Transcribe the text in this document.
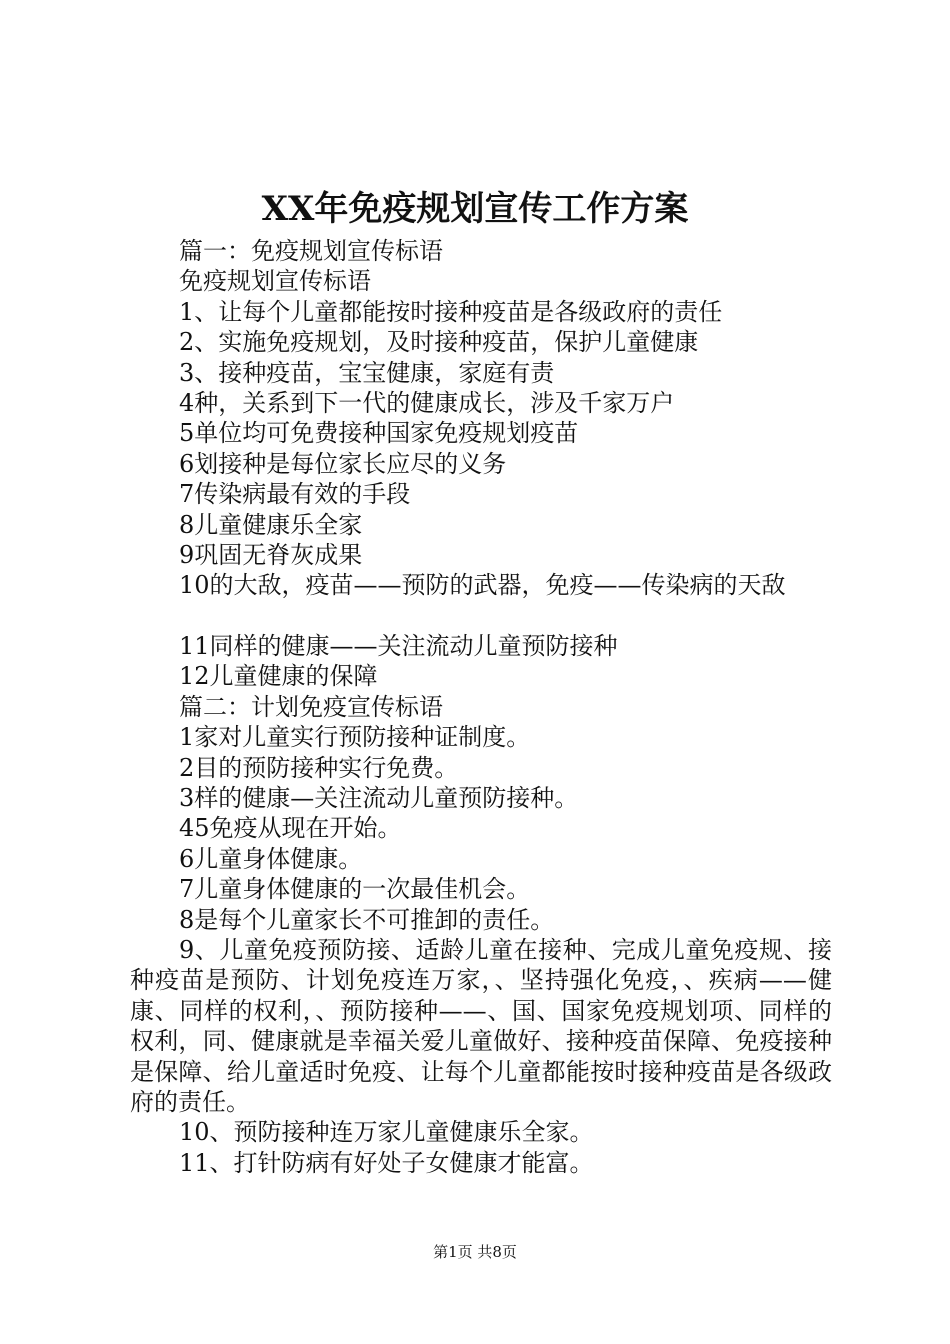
XX年免疫规划宣传工作方案
篇一：免疫规划宣传标语
免疫规划宣传标语
1、让每个儿童都能按时接种疫苗是各级政府的责任
2、实施免疫规划，及时接种疫苗，保护儿童健康
3、接种疫苗，宝宝健康，家庭有责
4种，关系到下一代的健康成长，涉及千家万户
5单位均可免费接种国家免疫规划疫苗
6划接种是每位家长应尽的义务
7传染病最有效的手段
8儿童健康乐全家
9巩固无脊灰成果
10的大敌，疫苗——预防的武器，免疫——传染病的天敌
11同样的健康——关注流动儿童预防接种
12儿童健康的保障
篇二：计划免疫宣传标语
1家对儿童实行预防接种证制度。
2目的预防接种实行免费。
3样的健康—关注流动儿童预防接种。
45免疫从现在开始。
6儿童身体健康。
7儿童身体健康的一次最佳机会。
8是每个儿童家长不可推卸的责任。
9、儿童免疫预防接、适龄儿童在接种、完成儿童免疫规、接种疫苗是预防、计划免疫连万家，、坚持强化免疫，、疾病——健康、同样的权利，、预防接种——、国、国家免疫规划项、同样的权利，同、健康就是幸福关爱儿童做好、接种疫苗保障、免疫接种是保障、给儿童适时免疫、让每个儿童都能按时接种疫苗是各级政府的责任。
10、预防接种连万家儿童健康乐全家。
11、打针防病有好处子女健康才能富。
第1页 共8页
